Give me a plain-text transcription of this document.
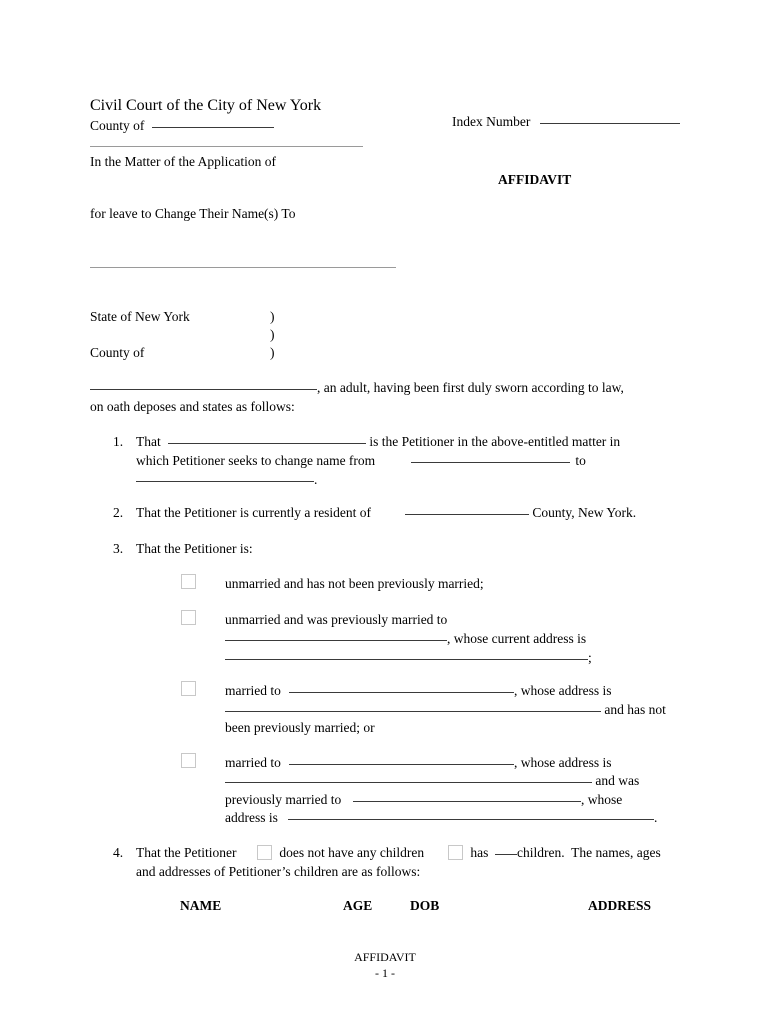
Civil Court of the City of New York
County of	Index Number
In the Matter of the Application of
AFFIDAVIT
for leave to Change Their Name(s) To
State of New York	)
)
County of	)
, an adult, having been first duly sworn according to law,
on oath deposes and states as follows:
1. That	is the Petitioner in the above-entitled matter in
which Petitioner seeks to change name from	to
.
2. That the Petitioner is currently a resident of	County, New York.
3. That the Petitioner is:
unmarried and has not been previously married;
unmarried and was previously married to
, whose current address is
;
married to	, whose address is
and has not
been previously married; or
married to	, whose address is
and was
previously married to	, whose
address is	.
4. That the Petitioner	does not have any children	has children.  The names, ages
and addresses of Petitioner’s children are as follows:
NAME	AGE	DOB	ADDRESS
AFFIDAVIT
- 1 -
